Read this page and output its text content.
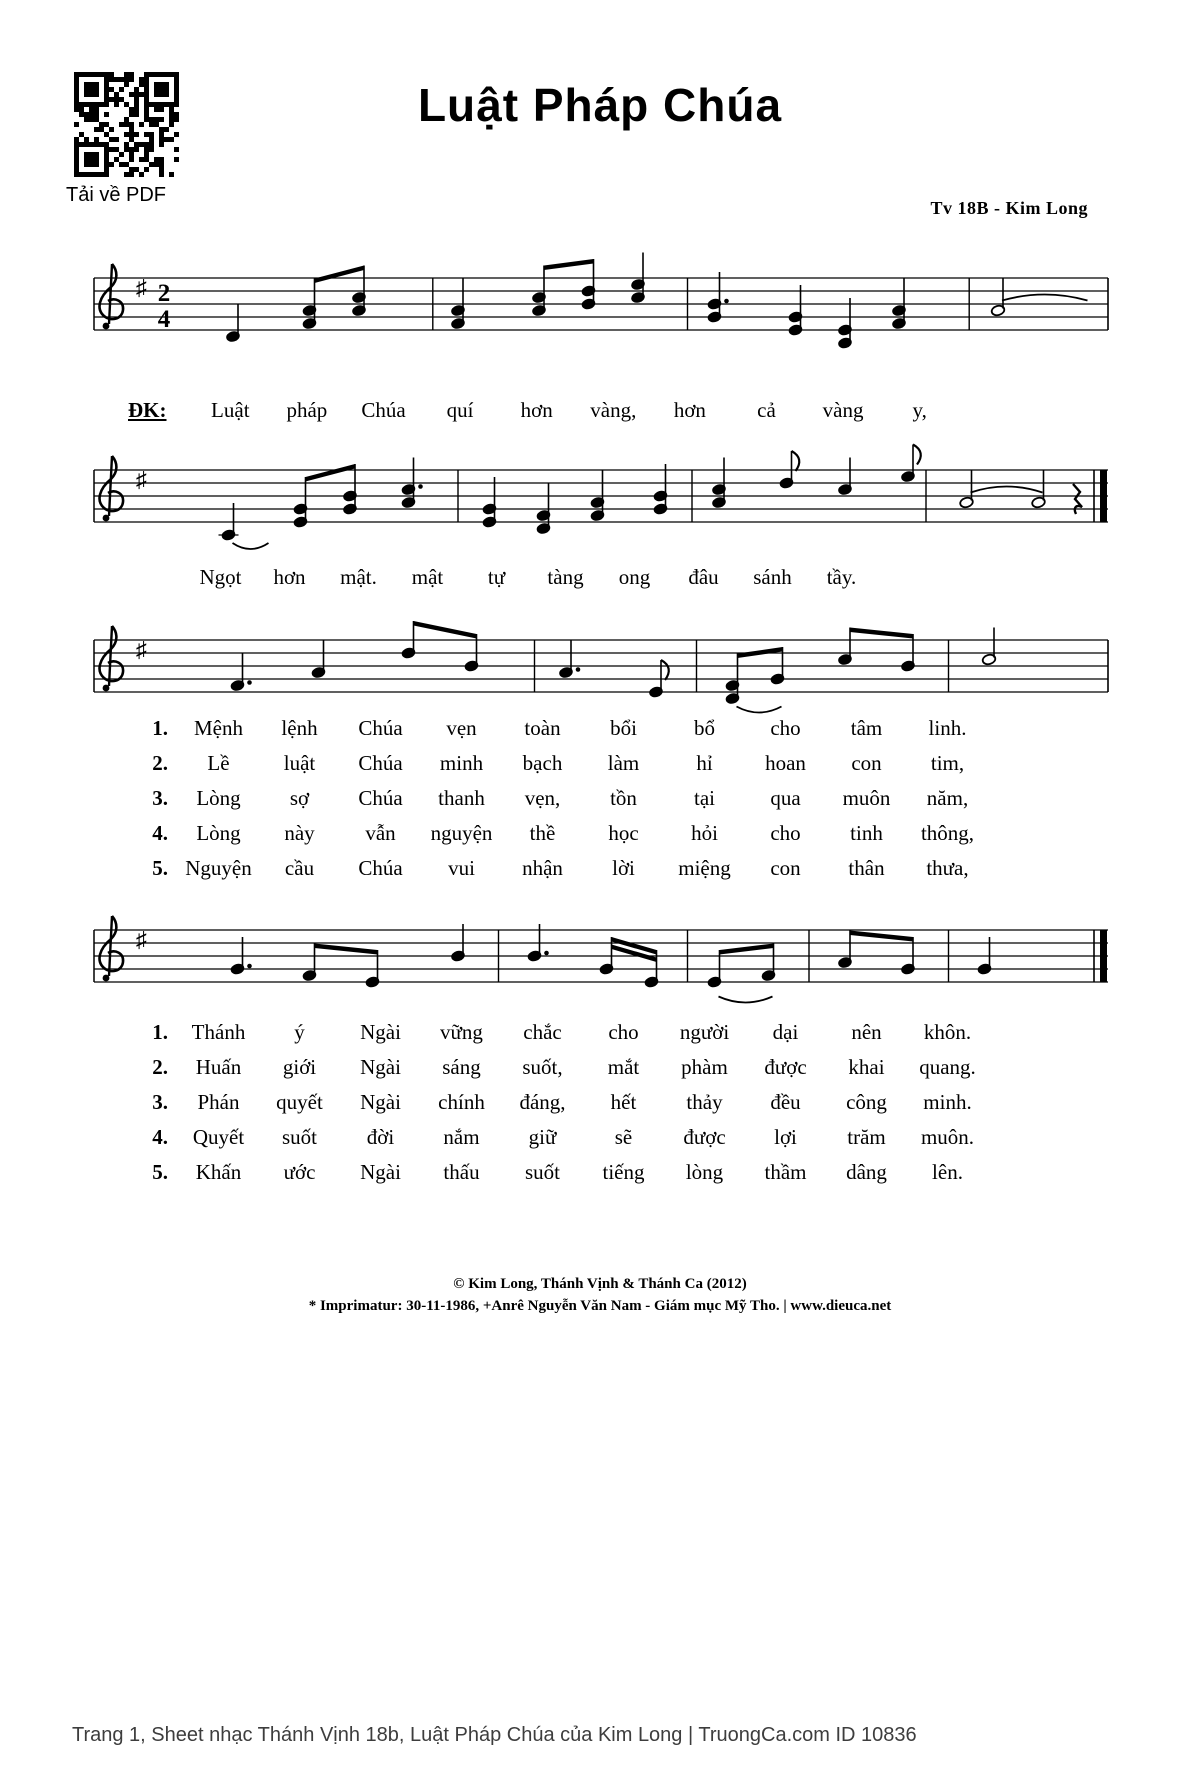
Tải về PDF
Luật Pháp Chúa
Tv 18B - Kim Long
♯ 2
4
ĐK:	Luật	pháp	Chúa	quí	hơn	vàng,	hơn	cả	vàng	y,
♯
Ngọt	hơn	mật.	mật	tự	tàng	ong	đâu	sánh	tầy.
♯
1.	Mệnh	lệnh	Chúa	vẹn	toàn	bổi	bổ	cho	tâm	linh.
2.	Lề	luật	Chúa	minh	bạch	làm	hỉ	hoan	con	tim,
3.	Lòng	sợ	Chúa	thanh	vẹn,	tồn	tại	qua	muôn	năm,
4.	Lòng	này	vẫn	nguyện	thề	học	hỏi	cho	tinh	thông,
5. Nguyện	cầu	Chúa	vui	nhận	lời	miệng	con	thân	thưa,
♯
1.	Thánh	ý	Ngài	vững	chắc	cho	người	dại	nên	khôn.
2.	Huấn	giới	Ngài	sáng	suốt,	mắt	phàm	được	khai	quang.
3.	Phán	quyết	Ngài	chính	đáng,	hết	thảy	đều	công	minh.
4.	Quyết	suốt	đời	nắm	giữ	sẽ	được	lợi	trăm	muôn.
5.	Khấn	ước	Ngài	thấu	suốt	tiếng	lòng	thầm	dâng	lên.
© Kim Long, Thánh Vịnh & Thánh Ca (2012)
* Imprimatur: 30-11-1986, +Anrê Nguyễn Văn Nam - Giám mục Mỹ Tho. | www.dieuca.net
Trang 1, Sheet nhạc Thánh Vịnh 18b, Luật Pháp Chúa của Kim Long | TruongCa.com ID 10836
